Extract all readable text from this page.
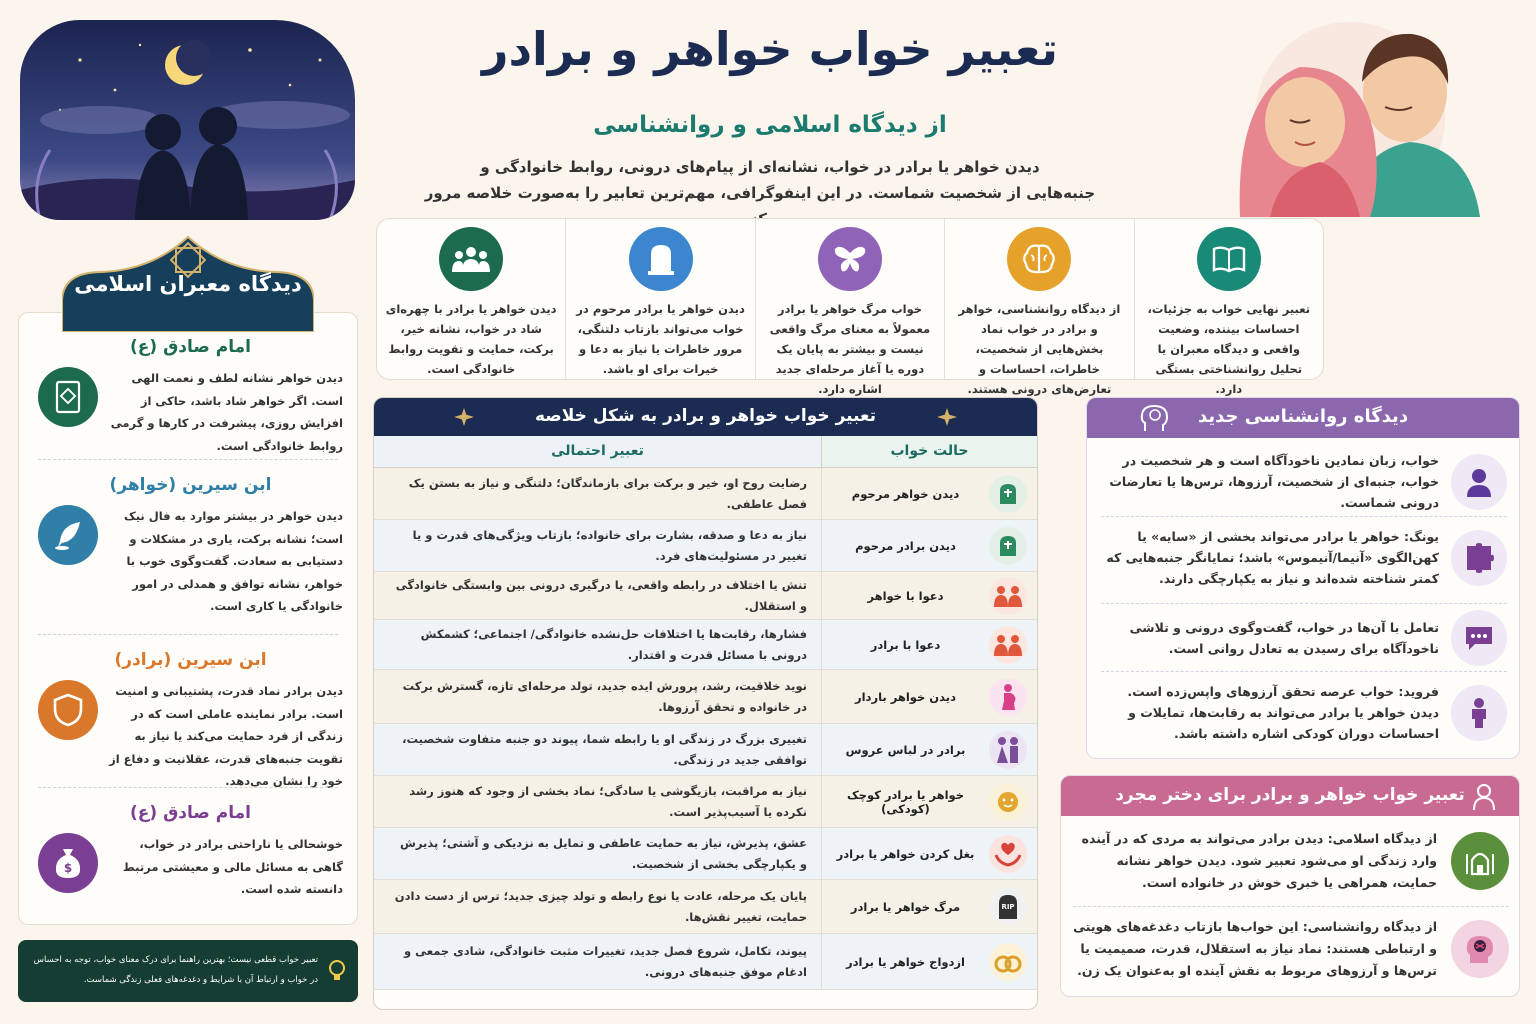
تعبیر خواب خواهر و برادر
از دیدگاه اسلامی و روانشناسی
دیدن خواهر یا برادر در خواب، نشانه‌ای از پیام‌های درونی، روابط خانوادگی و
جنبه‌هایی از شخصیت شماست. در این اینفوگرافی، مهم‌ترین تعابیر را به‌صورت خلاصه مرور
تعبیر نهایی خواب به جزئیات، احساسات بیننده، وضعیت واقعی و دیدگاه معبران یا تحلیل روانشناختی بستگی دارد.
از دیدگاه روانشناسی، خواهر و برادر در خواب نماد بخش‌هایی از شخصیت، خاطرات، احساسات و تعارض‌های درونی هستند.
خواب مرگ خواهر یا برادر معمولاً به معنای مرگ واقعی نیست و بیشتر به پایان یک دوره یا آغاز مرحله‌ای جدید اشاره دارد.
دیدن خواهر یا برادر مرحوم در خواب می‌تواند بازتاب دلتنگی، مرور خاطرات یا نیاز به دعا و خیرات برای او باشد.
دیدن خواهر یا برادر با چهره‌ای شاد در خواب، نشانه خیر، برکت، حمایت و تقویت روابط خانوادگی است.
دیدگاه معبران اسلامی
امام صادق (ع)

دیدن خواهر نشانه لطف و نعمت الهی است. اگر خواهر شاد باشد، حاکی از افزایش روزی، پیشرفت در کارها و گرمی روابط خانوادگی است.

ابن سیرین (خواهر)

دیدن خواهر در بیشتر موارد به فال نیک است؛ نشانه برکت، یاری در مشکلات و دستیابی به سعادت. گفت‌وگوی خوب با خواهر، نشانه توافق و همدلی در امور خانوادگی یا کاری است.

ابن سیرین (برادر)

دیدن برادر نماد قدرت، پشتیبانی و امنیت است. برادر نماینده عاملی است که در زندگی از فرد حمایت می‌کند یا نیاز به تقویت جنبه‌های قدرت، عقلانیت و دفاع از خود را نشان می‌دهد.

امام صادق (ع)

خوشحالی یا ناراحتی برادر در خواب، گاهی به مسائل مالی و معیشتی مرتبط دانسته شده است.

$

تعبیر خواب قطعی نیست؛ بهترین راهنما برای درک معنای خواب، توجه به احساس در خواب و ارتباط آن با شرایط و دغدغه‌های فعلی زندگی شماست.

تعبیر خواب خواهر و برادر به شکل خلاصه
حالت خواب
تعبیر احتمالی
دیدن خواهر مرحوم
رضایت روح او، خیر و برکت برای بازماندگان؛ دلتنگی و نیاز به بستن یک فصل عاطفی.
دیدن برادر مرحوم
نیاز به دعا و صدقه، بشارت برای خانواده؛ بازتاب ویژگی‌های قدرت و یا تغییر در مسئولیت‌های فرد.
دعوا با خواهر
تنش یا اختلاف در رابطه واقعی، یا درگیری درونی بین وابستگی خانوادگی و استقلال.
دعوا با برادر
فشارها، رقابت‌ها یا اختلافات حل‌نشده خانوادگی/ اجتماعی؛ کشمکش درونی با مسائل قدرت و اقتدار.
دیدن خواهر باردار
نوید خلاقیت، رشد، پرورش ایده جدید، تولد مرحله‌ای تازه، گسترش برکت در خانواده و تحقق آرزوها.
برادر در لباس عروس
تغییری بزرگ در زندگی او یا رابطه شما، پیوند دو جنبه متفاوت شخصیت، توافقی جدید در زندگی.
خواهر یا برادر کوچک (کودکی)
نیاز به مراقبت، بازیگوشی یا سادگی؛ نماد بخشی از وجود که هنوز رشد نکرده یا آسیب‌پذیر است.
بغل کردن خواهر یا برادر
عشق، پذیرش، نیاز به حمایت عاطفی و تمایل به نزدیکی و آشتی؛ پذیرش و یکپارچگی بخشی از شخصیت.
RIP
مرگ خواهر یا برادر
پایان یک مرحله، عادت یا نوع رابطه و تولد چیزی جدید؛ ترس از دست دادن حمایت، تغییر نقش‌ها.
ازدواج خواهر یا برادر
پیوند، تکامل، شروع فصل جدید، تغییرات مثبت خانوادگی، شادی جمعی و ادغام موفق جنبه‌های درونی.
دیدگاه روانشناسی جدید

خواب، زبان نمادین ناخودآگاه است و هر شخصیت در خواب، جنبه‌ای از شخصیت، آرزوها، ترس‌ها یا تعارضات درونی شماست.

یونگ: خواهر یا برادر می‌تواند بخشی از «سایه» یا کهن‌الگوی «آنیما/آنیموس» باشد؛ نمایانگر جنبه‌هایی که کمتر شناخته شده‌اند و نیاز به یکپارچگی دارند.

تعامل با آن‌ها در خواب، گفت‌وگوی درونی و تلاشی ناخودآگاه برای رسیدن به تعادل روانی است.

فروید: خواب عرصه تحقق آرزوهای واپس‌زده است. دیدن خواهر یا برادر می‌تواند به رقابت‌ها، تمایلات و احساسات دوران کودکی اشاره داشته باشد.

تعبیر خواب خواهر و برادر برای دختر مجرد

از دیدگاه اسلامی: دیدن برادر می‌تواند به مردی که در آینده وارد زندگی او می‌شود تعبیر شود. دیدن خواهر نشانه حمایت، همراهی یا خبری خوش در خانواده است.

از دیدگاه روانشناسی: این خواب‌ها بازتاب دغدغه‌های هویتی و ارتباطی هستند: نماد نیاز به استقلال، قدرت، صمیمیت یا ترس‌ها و آرزوهای مربوط به نقش آینده او به‌عنوان یک زن.
